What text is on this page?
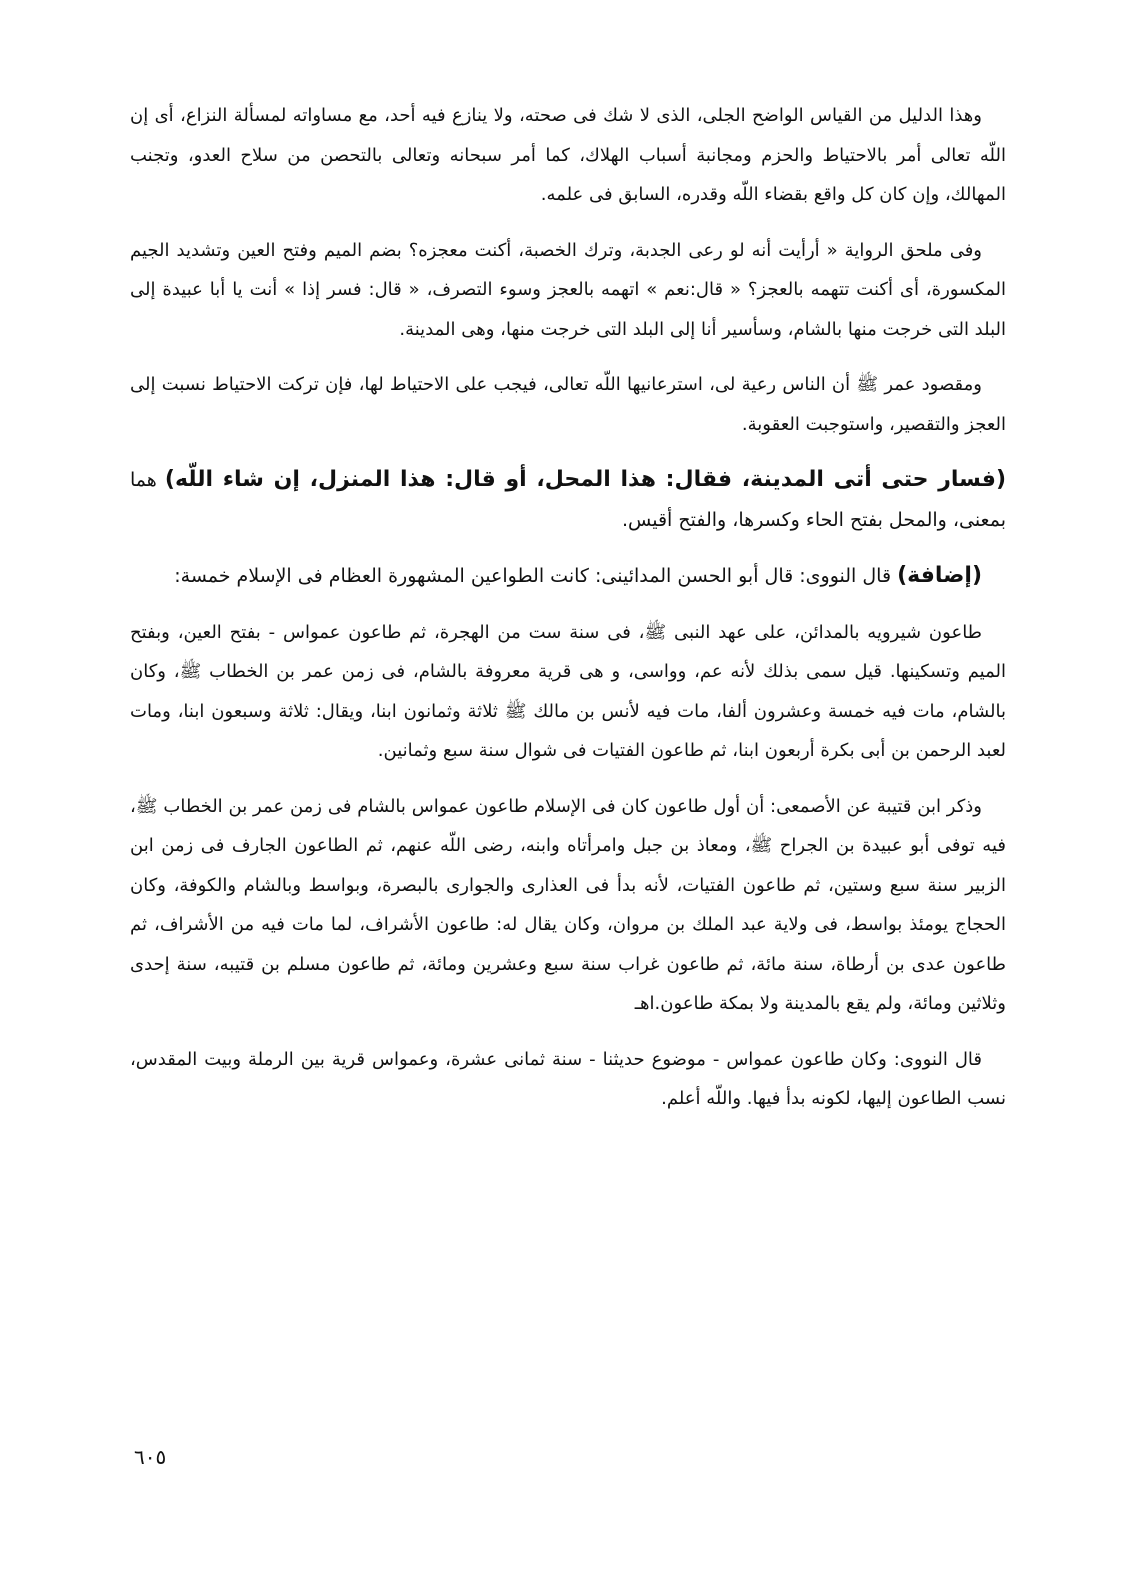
وهذا الدليل من القياس الواضح الجلى، الذى لا شك فى صحته، ولا ينازع فيه أحد، مع مساواته لمسألة النزاع، أى إن اللّه تعالى أمر بالاحتياط والحزم ومجانبة أسباب الهلاك، كما أمر سبحانه وتعالى بالتحصن من سلاح العدو، وتجنب المهالك، وإن كان كل واقع بقضاء اللّه وقدره، السابق فى علمه.

وفى ملحق الرواية « أرأيت أنه لو رعى الجدبة، وترك الخصبة، أكنت معجزه؟ بضم الميم وفتح العين وتشديد الجيم المكسورة، أى أكنت تتهمه بالعجز؟ « قال:نعم » اتهمه بالعجز وسوء التصرف، « قال: فسر إذا » أنت يا أبا عبيدة إلى البلد التى خرجت منها بالشام، وسأسير أنا إلى البلد التى خرجت منها، وهى المدينة.

ومقصود عمر ﷺ أن الناس رعية لى، استرعانيها اللّه تعالى، فيجب على الاحتياط لها، فإن تركت الاحتياط نسبت إلى العجز والتقصير، واستوجبت العقوبة.

(فسار حتى أتى المدينة، فقال: هذا المحل، أو قال: هذا المنزل، إن شاء اللّه) هما بمعنى، والمحل بفتح الحاء وكسرها، والفتح أقيس.

(إضافة) قال النووى: قال أبو الحسن المدائينى: كانت الطواعين المشهورة العظام فى الإسلام خمسة:

طاعون شيرويه بالمدائن، على عهد النبى ﷺ، فى سنة ست من الهجرة، ثم طاعون عمواس - بفتح العين، وبفتح الميم وتسكينها. قيل سمى بذلك لأنه عم، وواسى، و هى قرية معروفة بالشام، فى زمن عمر بن الخطاب ﷺ، وكان بالشام، مات فيه خمسة وعشرون ألفا، مات فيه لأنس بن مالك ﷺ ثلاثة وثمانون ابنا، ويقال: ثلاثة وسبعون ابنا، ومات لعبد الرحمن بن أبى بكرة أربعون ابنا، ثم طاعون الفتيات فى شوال سنة سبع وثمانين.

وذكر ابن قتيبة عن الأصمعى: أن أول طاعون كان فى الإسلام طاعون عمواس بالشام فى زمن عمر بن الخطاب ﷺ، فيه توفى أبو عبيدة بن الجراح ﷺ، ومعاذ بن جبل وامرأتاه وابنه، رضى اللّه عنهم، ثم الطاعون الجارف فى زمن ابن الزبير سنة سبع وستين، ثم طاعون الفتيات، لأنه بدأ فى العذارى والجوارى بالبصرة، وبواسط وبالشام والكوفة، وكان الحجاج يومئذ بواسط، فى ولاية عبد الملك بن مروان، وكان يقال له: طاعون الأشراف، لما مات فيه من الأشراف، ثم طاعون عدى بن أرطاة، سنة مائة، ثم طاعون غراب سنة سبع وعشرين ومائة، ثم طاعون مسلم بن قتيبه، سنة إحدى وثلاثين ومائة، ولم يقع بالمدينة ولا بمكة طاعون.اهـ

قال النووى: وكان طاعون عمواس - موضوع حديثنا - سنة ثمانى عشرة، وعمواس قرية بين الرملة وبيت المقدس، نسب الطاعون إليها، لكونه بدأ فيها. واللّه أعلم.

٦٠٥
